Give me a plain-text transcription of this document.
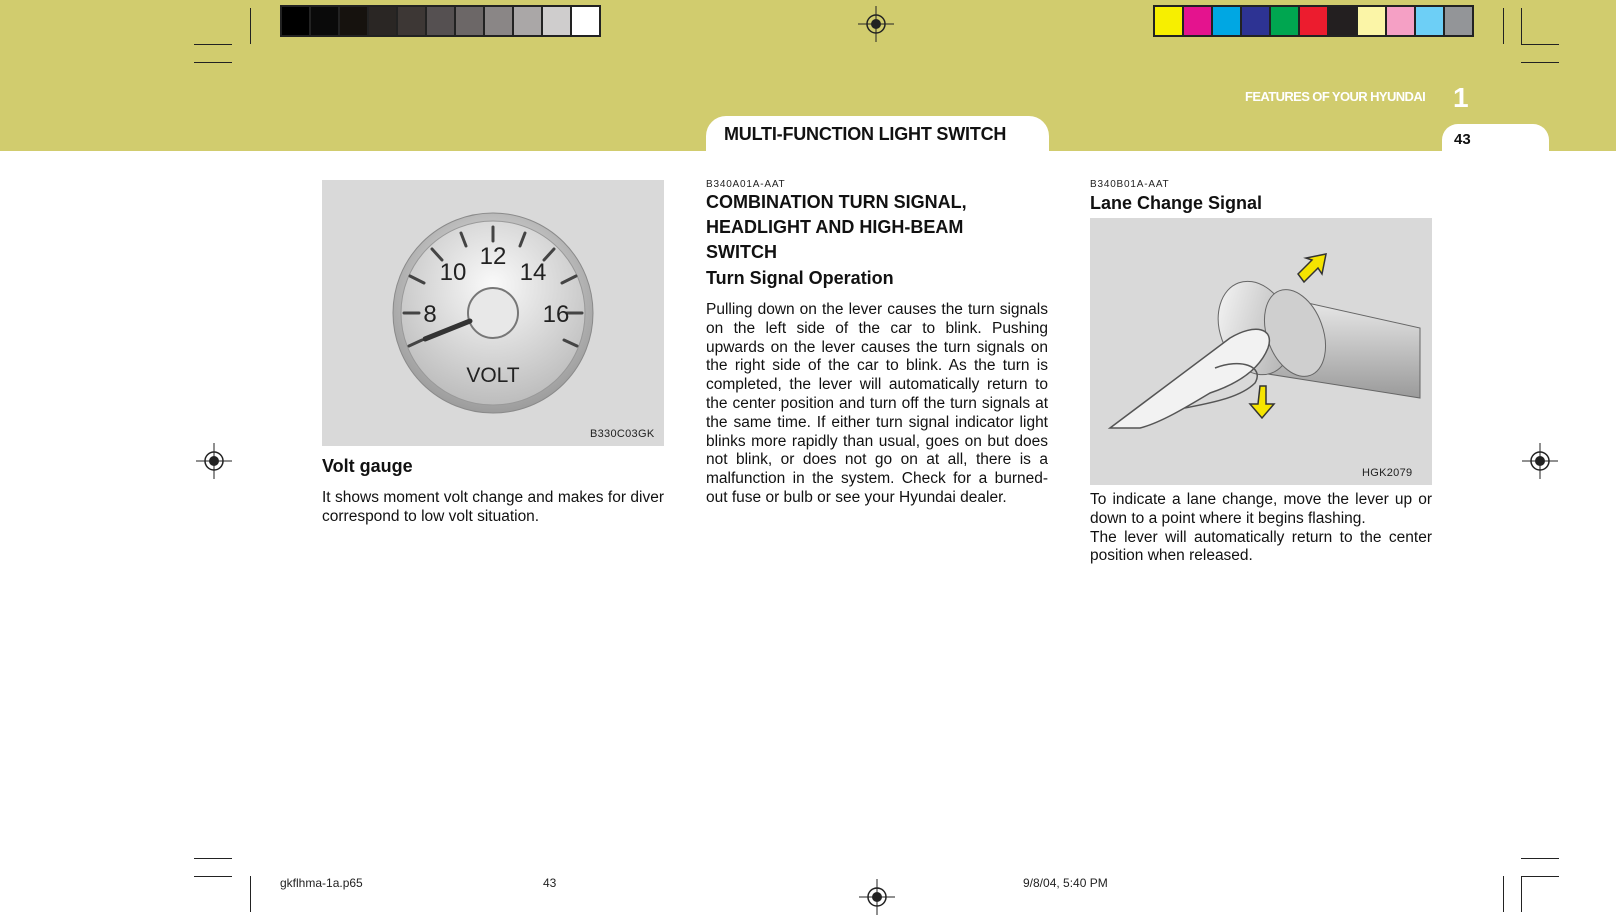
FEATURES OF YOUR HYUNDAI 1
MULTI-FUNCTION LIGHT SWITCH	43
8
10
12
14
16
VOLT
B330C03GK
Volt gauge
It shows moment volt change and makes for diver correspond to low volt situation.
B340A01A-AAT
COMBINATION TURN SIGNAL,
HEADLIGHT AND HIGH-BEAM
SWITCH
Turn Signal Operation
Pulling down on the lever causes the turn signals on the left side of the car to blink. Pushing upwards on the lever causes the turn signals on the right side of the car to blink. As the turn is completed, the lever will automatically return to the center position and turn off the turn signals at the same time. If either turn signal indicator light blinks more rapidly than usual, goes on but does not blink, or does not go on at all, there is a malfunction in the system. Check for a burned-out fuse or bulb or see your Hyundai dealer.
B340B01A-AAT
Lane Change Signal
HGK2079
To indicate a lane change, move the lever up or down to a point where it begins flashing.
The lever will automatically return to the center position when released.
gkflhma-1a.p65	43	9/8/04, 5:40 PM
